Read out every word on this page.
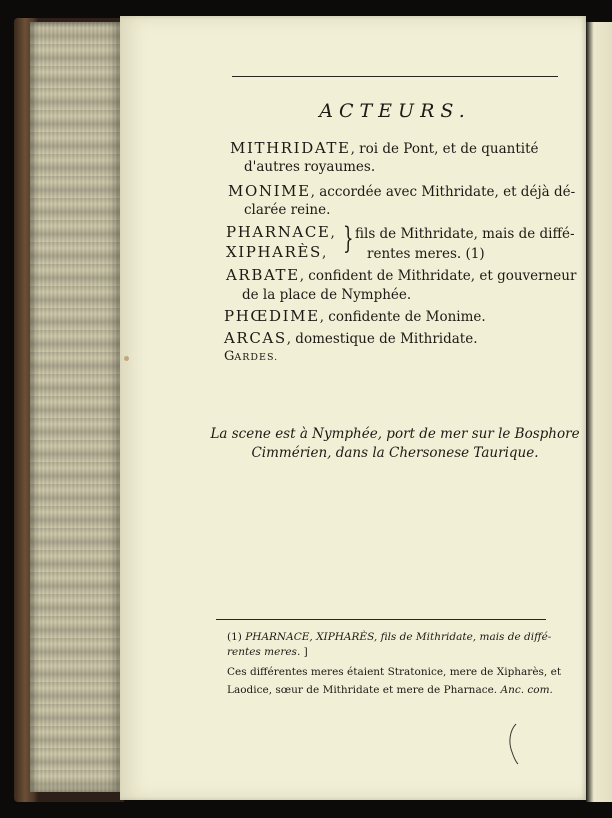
ACTEURS.
MITHRIDATE, roi de Pont, et de quantité
d'autres royaumes.
MONIME, accordée avec Mithridate, et déjà dé-
clarée reine.
PHARNACE,
XIPHARÈS, } fils de Mithridate, mais de diffé-
rentes meres. (1)
ARBATE, confident de Mithridate, et gouverneur
de la place de Nymphée.
PHŒDIME, confidente de Monime.
ARCAS, domestique de Mithridate.
GARDES.
La scene est à Nymphée, port de mer sur le Bosphore
Cimmérien, dans la Chersonese Taurique.
(1) PHARNACE, XIPHARÈS, fils de Mithridate, mais de diffé-
rentes meres. ]
Ces différentes meres étaient Stratonice, mere de Xipharès, et
Laodice, sœur de Mithridate et mere de Pharnace. Anc. com.
